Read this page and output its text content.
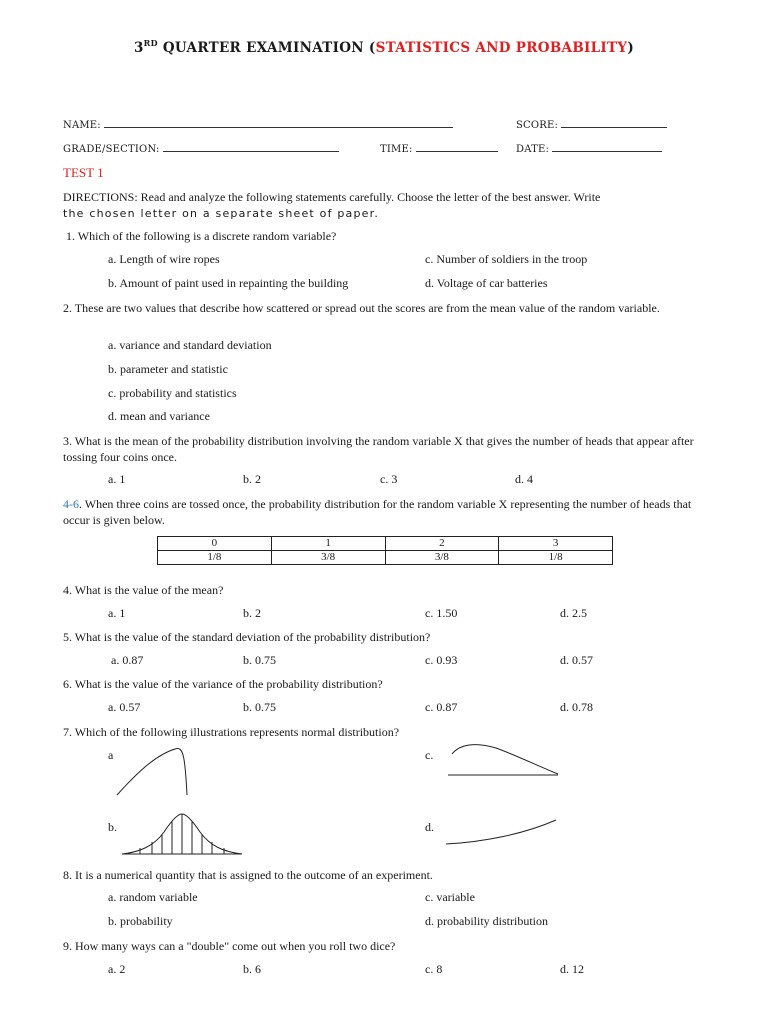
3RD QUARTER EXAMINATION (STATISTICS AND PROBABILITY)
NAME:	SCORE:
GRADE/SECTION:	TIME:	DATE:
TEST 1
DIRECTIONS: Read and analyze the following statements carefully. Choose the letter of the best answer. Write
the chosen letter on a separate sheet of paper.
1. Which of the following is a discrete random variable?
a. Length of wire ropes	c. Number of soldiers in the troop
b. Amount of paint used in repainting the building	d. Voltage of car batteries
2. These are two values that describe how scattered or spread out the scores are from the mean value of the random variable.
a. variance and standard deviation
b. parameter and statistic
c. probability and statistics
d. mean and variance
3. What is the mean of the probability distribution involving the random variable X that gives the number of heads that appear after tossing four coins once.
a. 1	b. 2	c. 3	d. 4
4-6. When three coins are tossed once, the probability distribution for the random variable X representing the number of heads that occur is given below.
0	1	2	3
1/8	3/8	3/8	1/8
4. What is the value of the mean?
a. 1	b. 2	c. 1.50	d. 2.5
5. What is the value of the standard deviation of the probability distribution?
a. 0.87	b. 0.75	c. 0.93	d. 0.57
6. What is the value of the variance of the probability distribution?
a. 0.57	b. 0.75	c. 0.87	d. 0.78
7. Which of the following illustrations represents normal distribution?
a	c.
b.	d.
8. It is a numerical quantity that is assigned to the outcome of an experiment.
a. random variable	c. variable
b. probability	d. probability distribution
9. How many ways can a "double" come out when you roll two dice?
a. 2	b. 6	c. 8	d. 12
